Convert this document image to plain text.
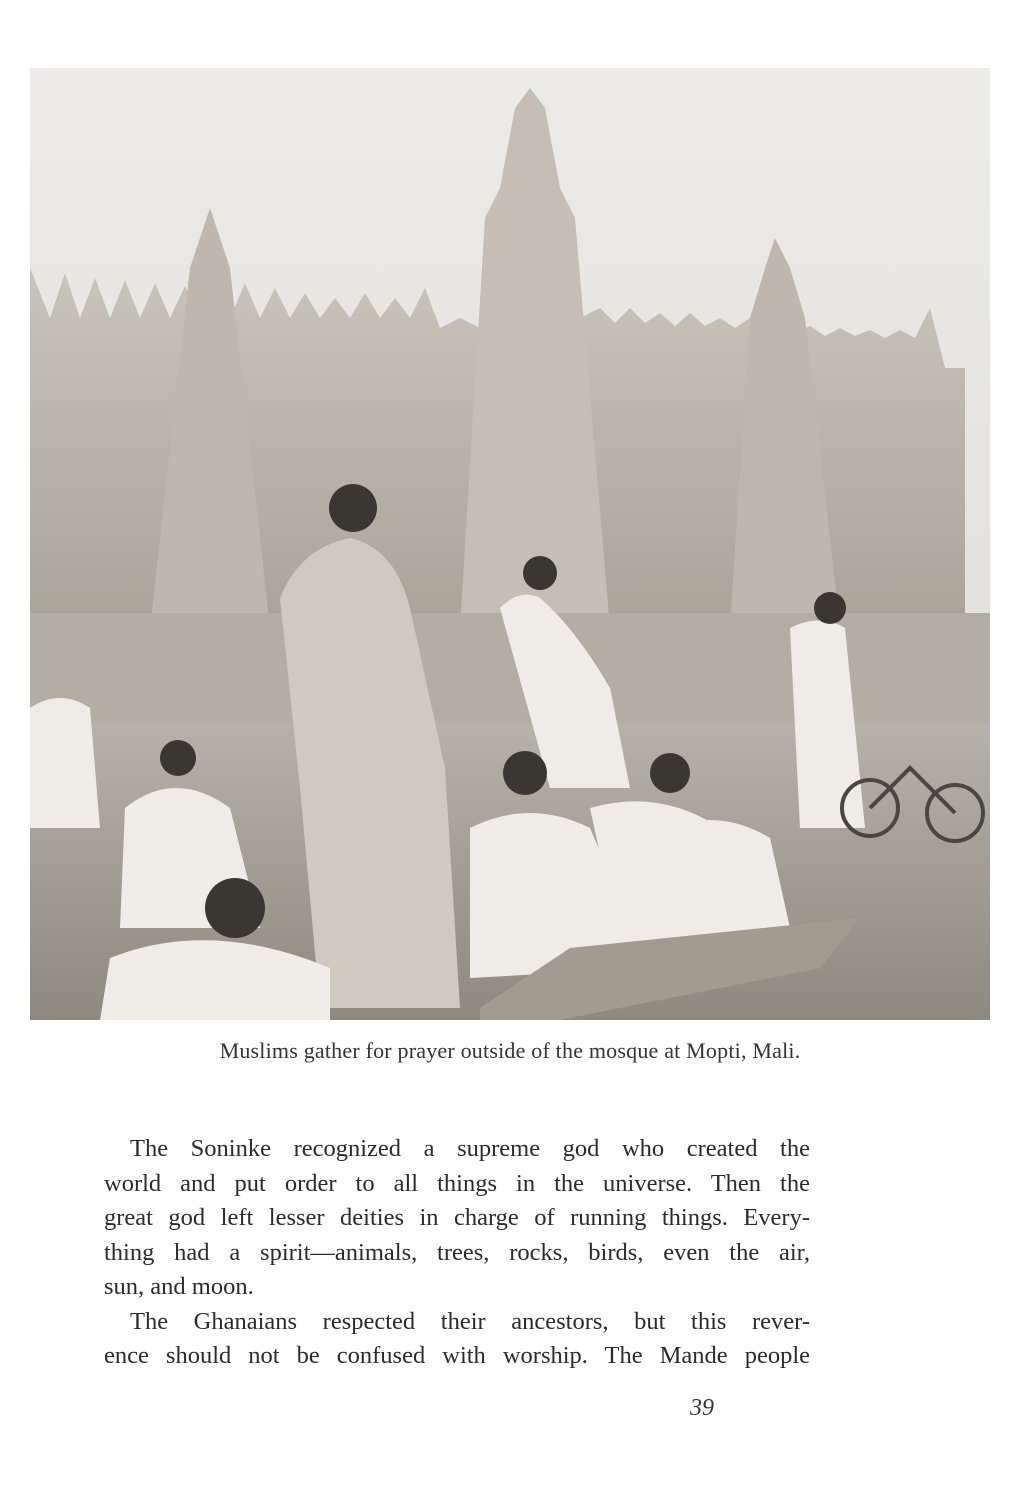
Muslims gather for prayer outside of the mosque at Mopti, Mali.

The Soninke recognized a supreme god who created the
world and put order to all things in the universe. Then the
great god left lesser deities in charge of running things. Every-
thing had a spirit—animals, trees, rocks, birds, even the air,
sun, and moon.

The Ghanaians respected their ancestors, but this rever-
ence should not be confused with worship. The Mande people

39
